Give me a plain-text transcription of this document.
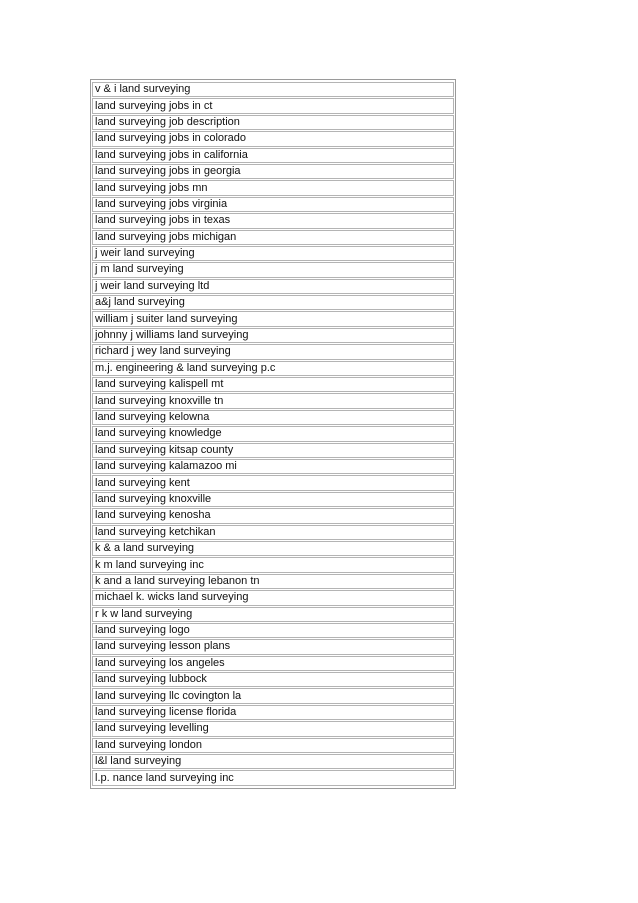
v & i land surveying
land surveying jobs in ct
land surveying job description
land surveying jobs in colorado
land surveying jobs in california
land surveying jobs in georgia
land surveying jobs mn
land surveying jobs virginia
land surveying jobs in texas
land surveying jobs michigan
j weir land surveying
j m land surveying
j weir land surveying ltd
a&j land surveying
william j suiter land surveying
johnny j williams land surveying
richard j wey land surveying
m.j. engineering & land surveying p.c
land surveying kalispell mt
land surveying knoxville tn
land surveying kelowna
land surveying knowledge
land surveying kitsap county
land surveying kalamazoo mi
land surveying kent
land surveying knoxville
land surveying kenosha
land surveying ketchikan
k & a land surveying
k m land surveying inc
k and a land surveying lebanon tn
michael k. wicks land surveying
r k w land surveying
land surveying logo
land surveying lesson plans
land surveying los angeles
land surveying lubbock
land surveying llc covington la
land surveying license florida
land surveying levelling
land surveying london
l&l land surveying
l.p. nance land surveying inc
